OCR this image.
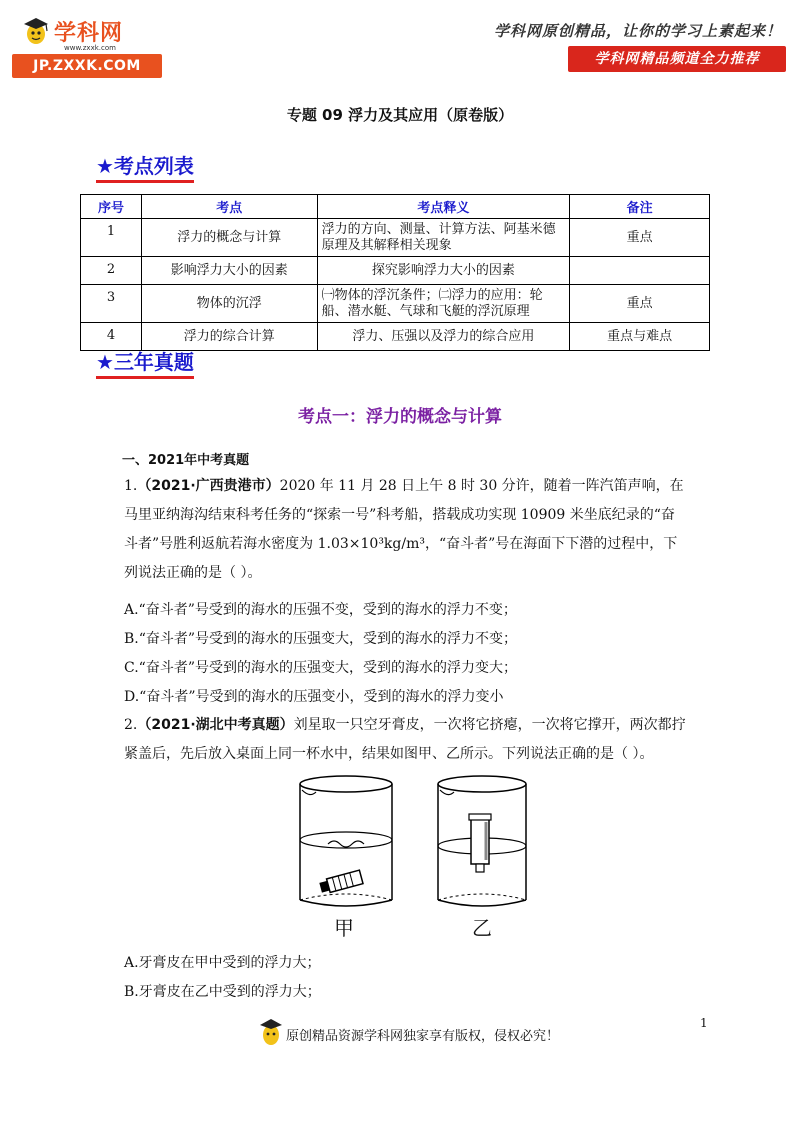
学科网
www.zxxk.com
JP.ZXXK.COM
学科网原创精品，让你的学习上素起来！
学科网精品频道全力推荐
专题 09 浮力及其应用（原卷版）
★考点列表
序号	考点	考点释义	备注
1	浮力的概念与计算	浮力的方向、测量、计算方法、阿基米德原理及其解释相关现象	重点
2	影响浮力大小的因素	探究影响浮力大小的因素	
3	物体的沉浮	㈠物体的浮沉条件；㈡浮力的应用：轮船、潜水艇、气球和飞艇的浮沉原理	重点
4	浮力的综合计算	浮力、压强以及浮力的综合应用	重点与难点
★三年真题
考点一：浮力的概念与计算
一、2021年中考真题
1.（2021·广西贵港市）2020 年 11 月 28 日上午 8 时 30 分许，随着一阵汽笛声响，在马里亚纳海沟结束科考任务的“探索一号”科考船，搭载成功实现 10909 米坐底纪录的“奋斗者”号胜利返航若海水密度为 1.03×10³kg/m³，“奋斗者”号在海面下下潜的过程中，下列说法正确的是（ ）。
A.“奋斗者”号受到的海水的压强不变，受到的海水的浮力不变；
B.“奋斗者”号受到的海水的压强变大，受到的海水的浮力不变；
C.“奋斗者”号受到的海水的压强变大，受到的海水的浮力变大；
D.“奋斗者”号受到的海水的压强变小，受到的海水的浮力变小
2.（2021·湖北中考真题）刘星取一只空牙膏皮，一次将它挤瘪，一次将它撑开，两次都拧紧盖后，先后放入桌面上同一杯水中，结果如图甲、乙所示。下列说法正确的是（ ）。
甲	乙
A.牙膏皮在甲中受到的浮力大；
B.牙膏皮在乙中受到的浮力大；
1
原创精品资源学科网独家享有版权，侵权必究！
